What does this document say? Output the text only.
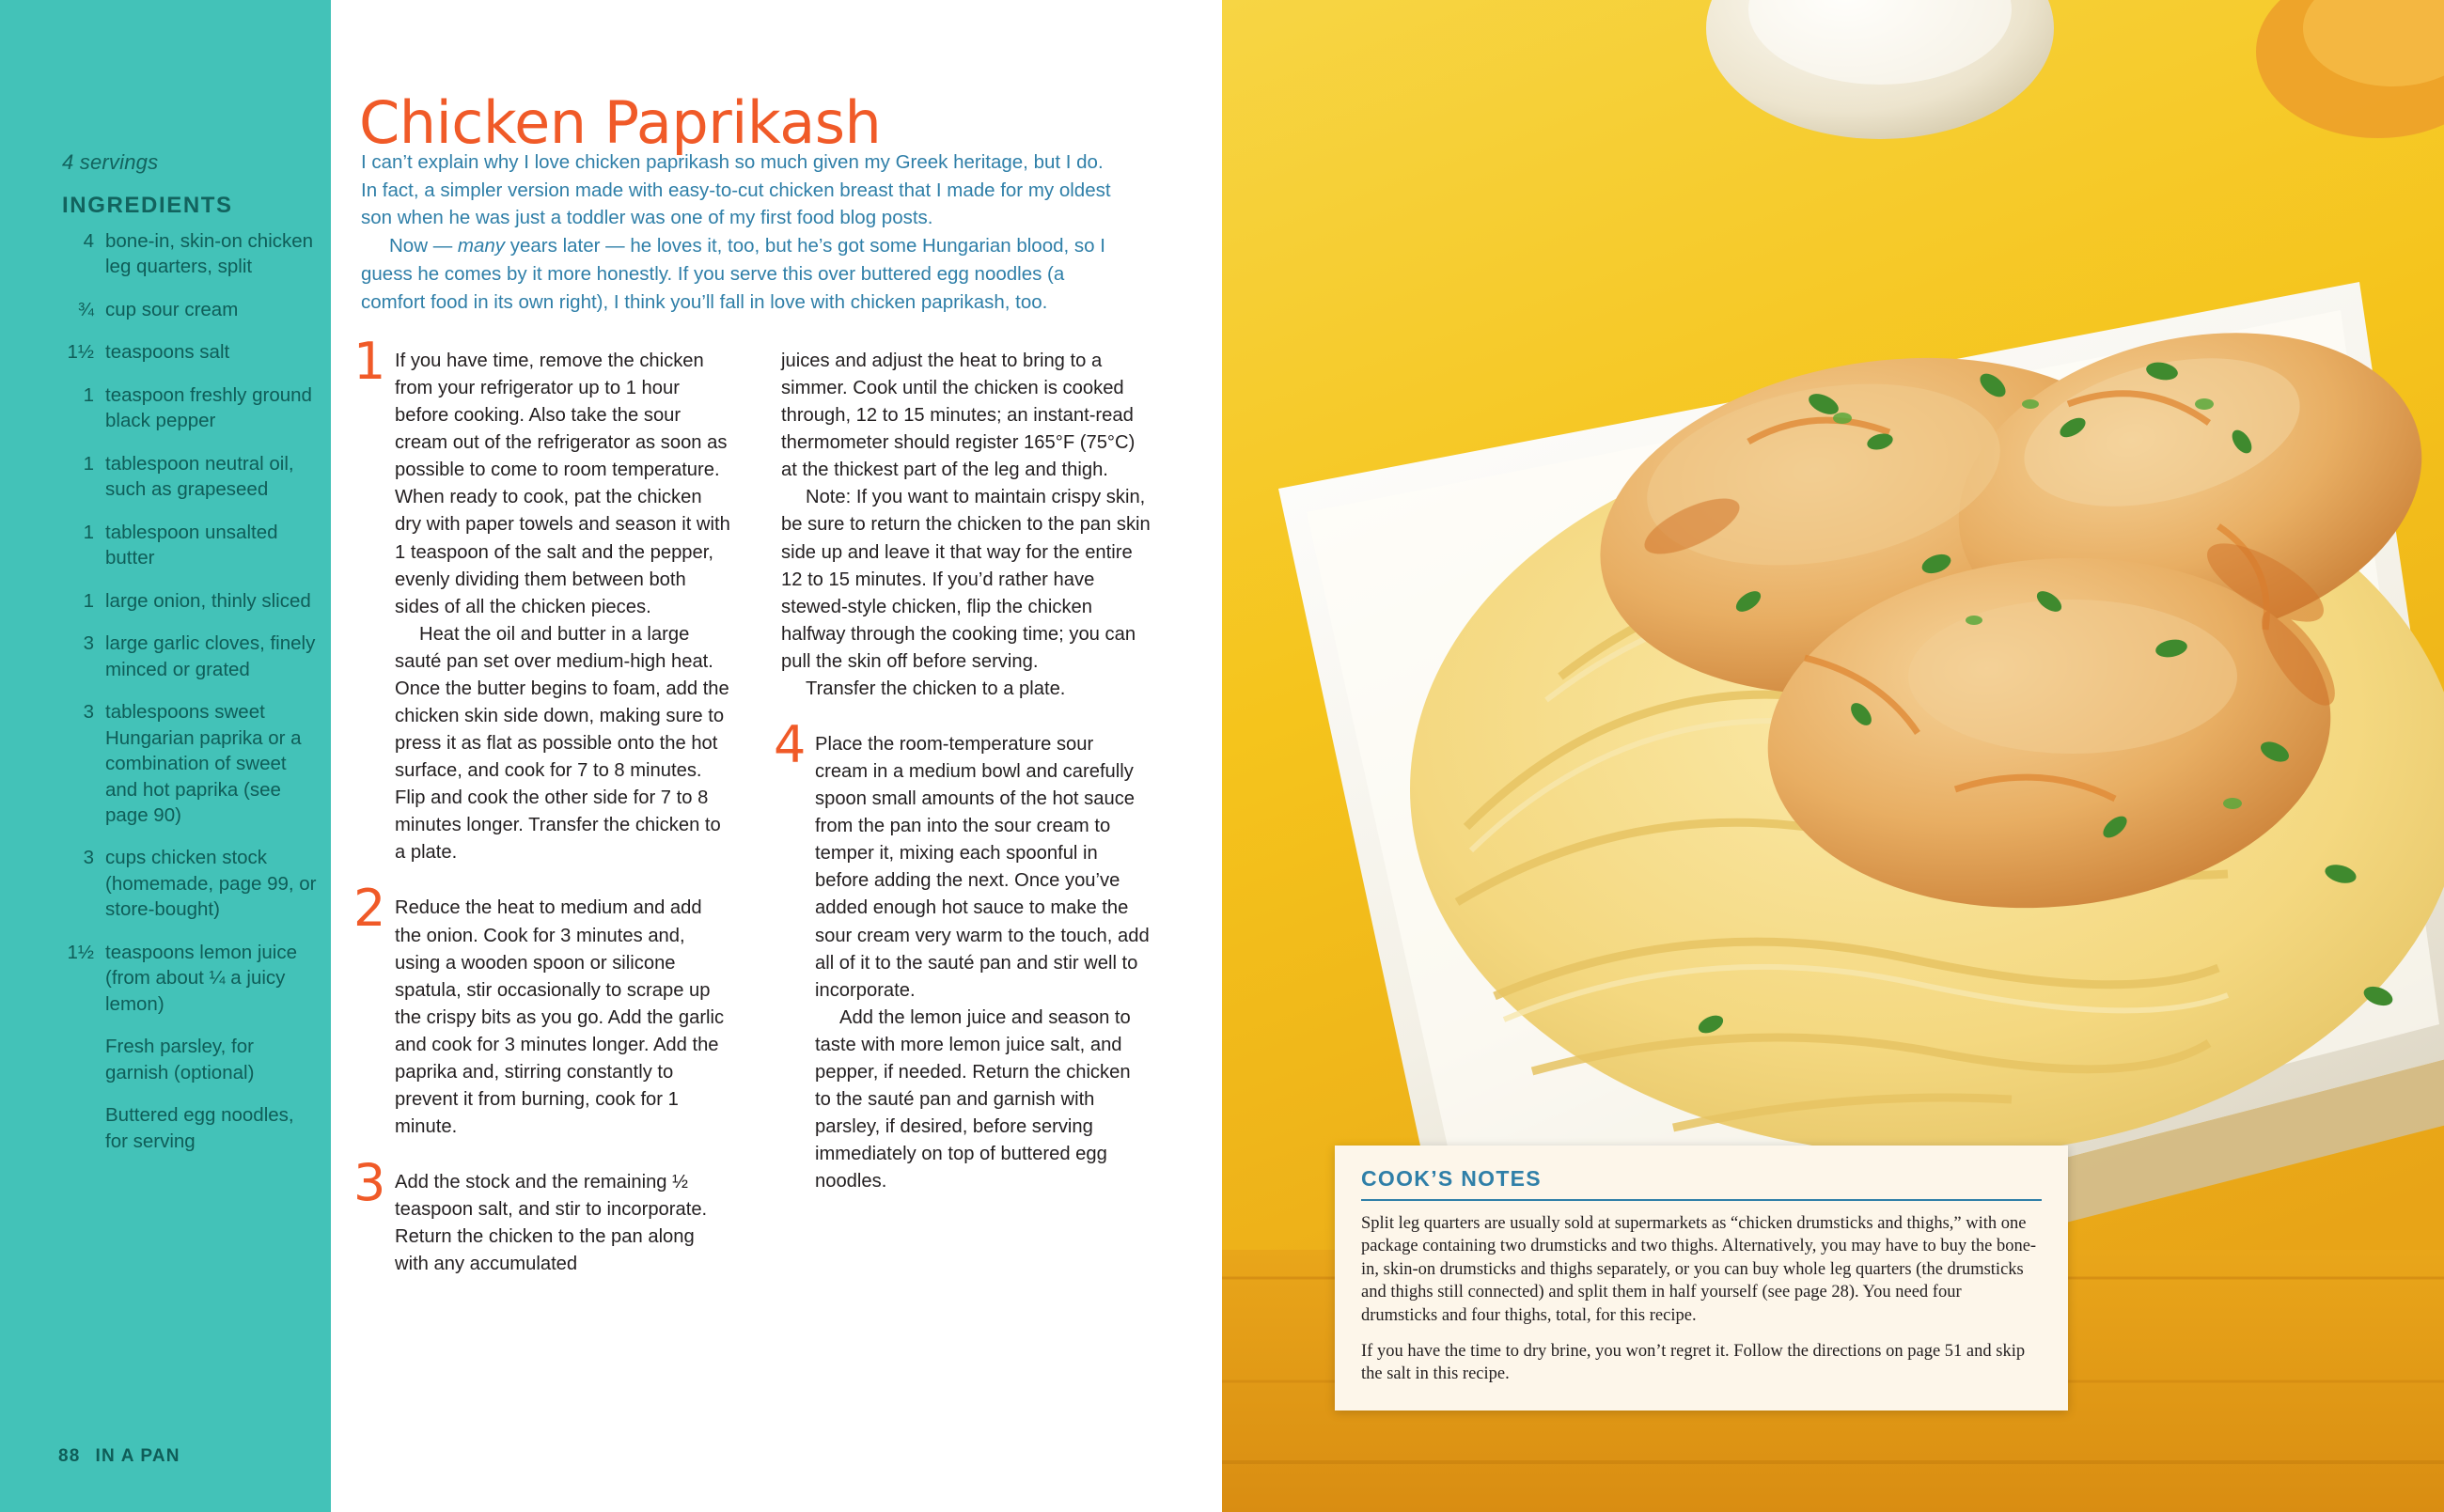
4 servings
INGREDIENTS
4 bone-in, skin-on chicken leg quarters, split
¾ cup sour cream
1½ teaspoons salt
1 teaspoon freshly ground black pepper
1 tablespoon neutral oil, such as grapeseed
1 tablespoon unsalted butter
1 large onion, thinly sliced
3 large garlic cloves, finely minced or grated
3 tablespoons sweet Hungarian paprika or a combination of sweet and hot paprika (see page 90)
3 cups chicken stock (homemade, page 99, or store-bought)
1½ teaspoons lemon juice (from about ¼ a juicy lemon)
Fresh parsley, for garnish (optional)
Buttered egg noodles, for serving
88 IN A PAN
Chicken Paprikash

I can’t explain why I love chicken paprikash so much given my Greek heritage, but I do. In fact, a simpler version made with easy-to-cut chicken breast that I made for my oldest son when he was just a toddler was one of my first food blog posts.

Now — many years later — he loves it, too, but he’s got some Hungarian blood, so I guess he comes by it more honestly. If you serve this over buttered egg noodles (a comfort food in its own right), I think you’ll fall in love with chicken paprikash, too.

1 If you have time, remove the chicken from your refrigerator up to 1 hour before cooking. Also take the sour cream out of the refrigerator as soon as possible to come to room temperature. When ready to cook, pat the chicken dry with paper towels and season it with 1 teaspoon of the salt and the pepper, evenly dividing them between both sides of all the chicken pieces.

Heat the oil and butter in a large sauté pan set over medium-high heat. Once the butter begins to foam, add the chicken skin side down, making sure to press it as flat as possible onto the hot surface, and cook for 7 to 8 minutes. Flip and cook the other side for 7 to 8 minutes longer. Transfer the chicken to a plate.

2 Reduce the heat to medium and add the onion. Cook for 3 minutes and, using a wooden spoon or silicone spatula, stir occasionally to scrape up the crispy bits as you go. Add the garlic and cook for 3 minutes longer. Add the paprika and, stirring constantly to prevent it from burning, cook for 1 minute.

3 Add the stock and the remaining ½ teaspoon salt, and stir to incorporate. Return the chicken to the pan along with any accumulated

juices and adjust the heat to bring to a simmer. Cook until the chicken is cooked through, 12 to 15 minutes; an instant-read thermometer should register 165°F (75°C) at the thickest part of the leg and thigh.

Note: If you want to maintain crispy skin, be sure to return the chicken to the pan skin side up and leave it that way for the entire 12 to 15 minutes. If you’d rather have stewed-style chicken, flip the chicken halfway through the cooking time; you can pull the skin off before serving.

Transfer the chicken to a plate.

4 Place the room-temperature sour cream in a medium bowl and carefully spoon small amounts of the hot sauce from the pan into the sour cream to temper it, mixing each spoonful in before adding the next. Once you’ve added enough hot sauce to make the sour cream very warm to the touch, add all of it to the sauté pan and stir well to incorporate.

Add the lemon juice and season to taste with more lemon juice salt, and pepper, if needed. Return the chicken to the sauté pan and garnish with parsley, if desired, before serving immediately on top of buttered egg noodles.	COOK’S NOTES

Split leg quarters are usually sold at supermarkets as “chicken drumsticks and thighs,” with one package containing two drumsticks and two thighs. Alternatively, you may have to buy the bone-in, skin-on drumsticks and thighs separately, or you can buy whole leg quarters (the drumsticks and thighs still connected) and split them in half yourself (see page 28). You need four drumsticks and four thighs, total, for this recipe.

If you have the time to dry brine, you won’t regret it. Follow the directions on page 51 and skip the salt in this recipe.
